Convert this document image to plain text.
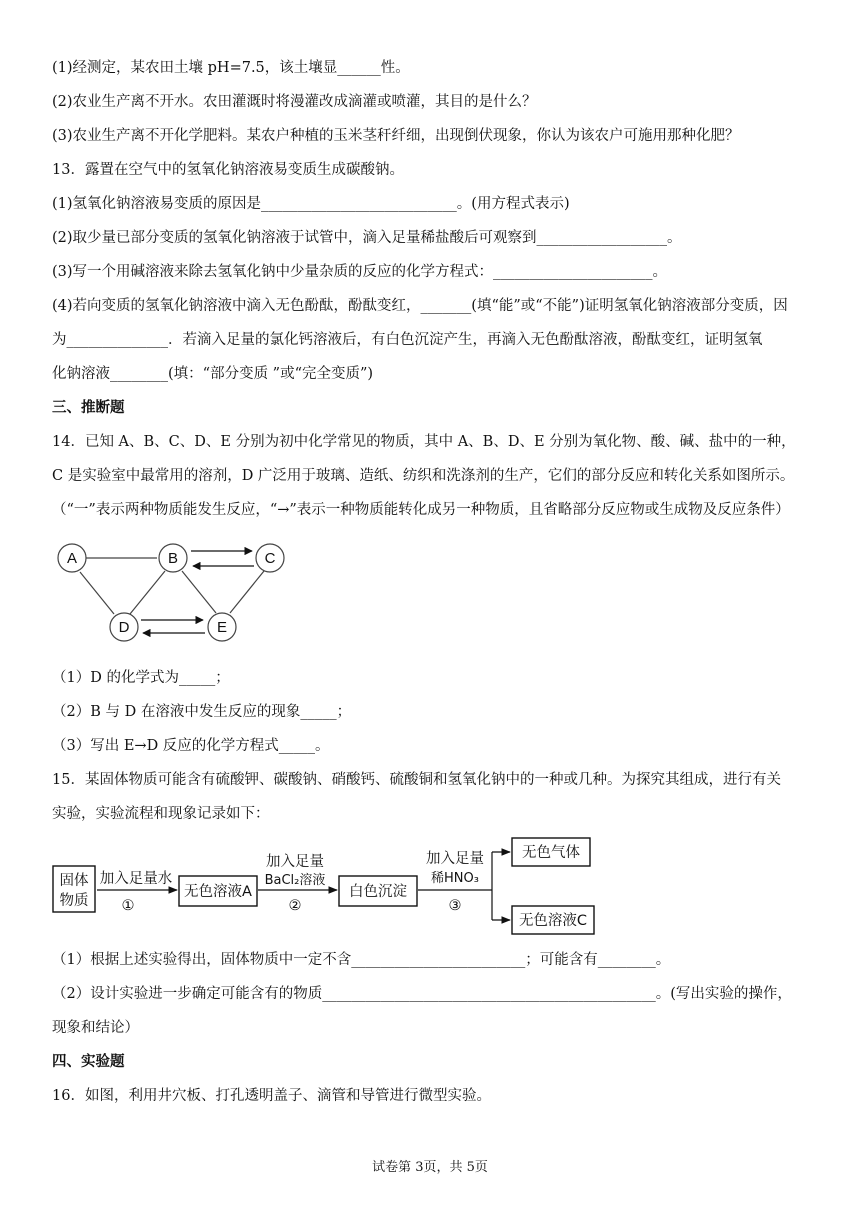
(1)经测定，某农田土壤 pH=7.5，该土壤显______性。
(2)农业生产离不开水。农田灌溉时将漫灌改成滴灌或喷灌，其目的是什么？
(3)农业生产离不开化学肥料。某农户种植的玉米茎秆纤细，出现倒伏现象，你认为该农户可施用那种化肥？
13．露置在空气中的氢氧化钠溶液易变质生成碳酸钠。
(1)氢氧化钠溶液易变质的原因是___________________________。(用方程式表示)
(2)取少量已部分变质的氢氧化钠溶液于试管中，滴入足量稀盐酸后可观察到__________________。
(3)写一个用碱溶液来除去氢氧化钠中少量杂质的反应的化学方程式：______________________。
(4)若向变质的氢氧化钠溶液中滴入无色酚酞，酚酞变红，_______(填“能”或“不能”)证明氢氧化钠溶液部分变质，因
为______________．若滴入足量的氯化钙溶液后，有白色沉淀产生，再滴入无色酚酞溶液，酚酞变红，证明氢氧
化钠溶液________(填：“部分变质 ”或“完全变质”)
三、推断题
14．已知 A、B、C、D、E 分别为初中化学常见的物质，其中 A、B、D、E 分别为氧化物、酸、碱、盐中的一种，
C 是实验室中最常用的溶剂，D 广泛用于玻璃、造纸、纺织和洗涤剂的生产，它们的部分反应和转化关系如图所示。
（“一”表示两种物质能发生反应，“→”表示一种物质能转化成另一种物质，且省略部分反应物或生成物及反应条件）
A	B	C
D	E
固体
物质
加入足量水
①
无色溶液A
加入足量
BaCl₂溶液
②
白色沉淀
加入足量
稀HNO₃
③
无色气体
无色溶液C
（1）D 的化学式为_____；
（2）B 与 D 在溶液中发生反应的现象_____；
（3）写出 E→D 反应的化学方程式_____。
15．某固体物质可能含有硫酸钾、碳酸钠、硝酸钙、硫酸铜和氢氧化钠中的一种或几种。为探究其组成，进行有关
实验，实验流程和现象记录如下：
（1）根据上述实验得出，固体物质中一定不含________________________；可能含有________。
（2）设计实验进一步确定可能含有的物质______________________________________________。(写出实验的操作，
现象和结论）
四、实验题
16．如图，利用井穴板、打孔透明盖子、滴管和导管进行微型实验。
试卷第 3页，共 5页
